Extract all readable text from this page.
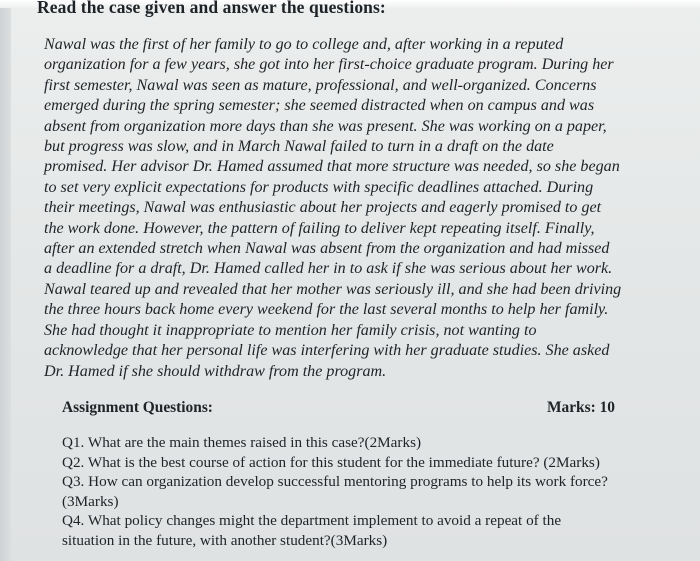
Read the case given and answer the questions:
Nawal was the first of her family to go to college and, after working in a reputed
organization for a few years, she got into her first-choice graduate program. During her
first semester, Nawal was seen as mature, professional, and well-organized. Concerns
emerged during the spring semester; she seemed distracted when on campus and was
absent from organization more days than she was present. She was working on a paper,
but progress was slow, and in March Nawal failed to turn in a draft on the date
promised. Her advisor Dr. Hamed assumed that more structure was needed, so she began
to set very explicit expectations for products with specific deadlines attached. During
their meetings, Nawal was enthusiastic about her projects and eagerly promised to get
the work done. However, the pattern of failing to deliver kept repeating itself. Finally,
after an extended stretch when Nawal was absent from the organization and had missed
a deadline for a draft, Dr. Hamed called her in to ask if she was serious about her work.
Nawal teared up and revealed that her mother was seriously ill, and she had been driving
the three hours back home every weekend for the last several months to help her family.
She had thought it inappropriate to mention her family crisis, not wanting to
acknowledge that her personal life was interfering with her graduate studies. She asked
Dr. Hamed if she should withdraw from the program.
Assignment Questions:	Marks: 10
Q1. What are the main themes raised in this case?(2Marks)
Q2. What is the best course of action for this student for the immediate future? (2Marks)
Q3. How can organization develop successful mentoring programs to help its work force?
(3Marks)
Q4. What policy changes might the department implement to avoid a repeat of the
situation in the future, with another student?(3Marks)
